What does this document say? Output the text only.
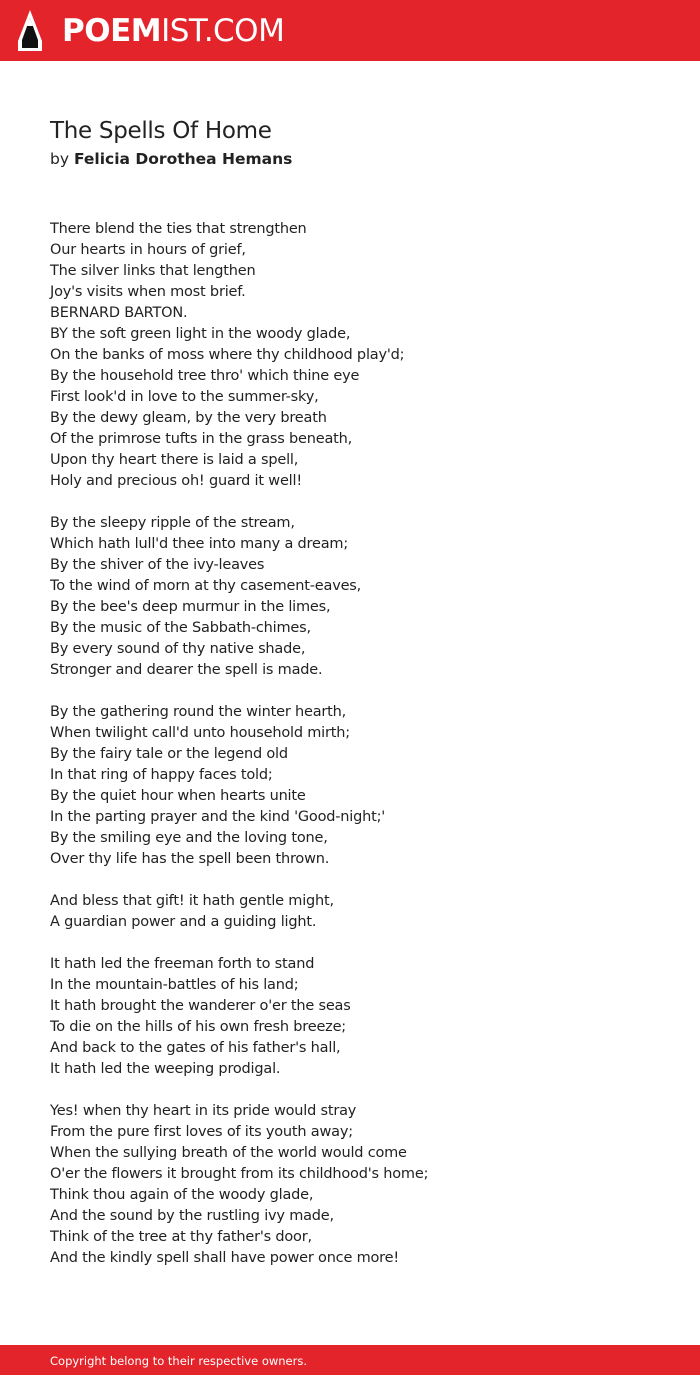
POEMIST.COM
The Spells Of Home
by Felicia Dorothea Hemans
There blend the ties that strengthen
Our hearts in hours of grief,
The silver links that lengthen
Joy's visits when most brief.
BERNARD BARTON.
BY the soft green light in the woody glade,
On the banks of moss where thy childhood play'd;
By the household tree thro' which thine eye
First look'd in love to the summer-sky,
By the dewy gleam, by the very breath
Of the primrose tufts in the grass beneath,
Upon thy heart there is laid a spell,
Holy and precious oh! guard it well!
By the sleepy ripple of the stream,
Which hath lull'd thee into many a dream;
By the shiver of the ivy-leaves
To the wind of morn at thy casement-eaves,
By the bee's deep murmur in the limes,
By the music of the Sabbath-chimes,
By every sound of thy native shade,
Stronger and dearer the spell is made.
By the gathering round the winter hearth,
When twilight call'd unto household mirth;
By the fairy tale or the legend old
In that ring of happy faces told;
By the quiet hour when hearts unite
In the parting prayer and the kind 'Good-night;'
By the smiling eye and the loving tone,
Over thy life has the spell been thrown.
And bless that gift! it hath gentle might,
A guardian power and a guiding light.
It hath led the freeman forth to stand
In the mountain-battles of his land;
It hath brought the wanderer o'er the seas
To die on the hills of his own fresh breeze;
And back to the gates of his father's hall,
It hath led the weeping prodigal.
Yes! when thy heart in its pride would stray
From the pure first loves of its youth away;
When the sullying breath of the world would come
O'er the flowers it brought from its childhood's home;
Think thou again of the woody glade,
And the sound by the rustling ivy made,
Think of the tree at thy father's door,
And the kindly spell shall have power once more!
Copyright belong to their respective owners.
